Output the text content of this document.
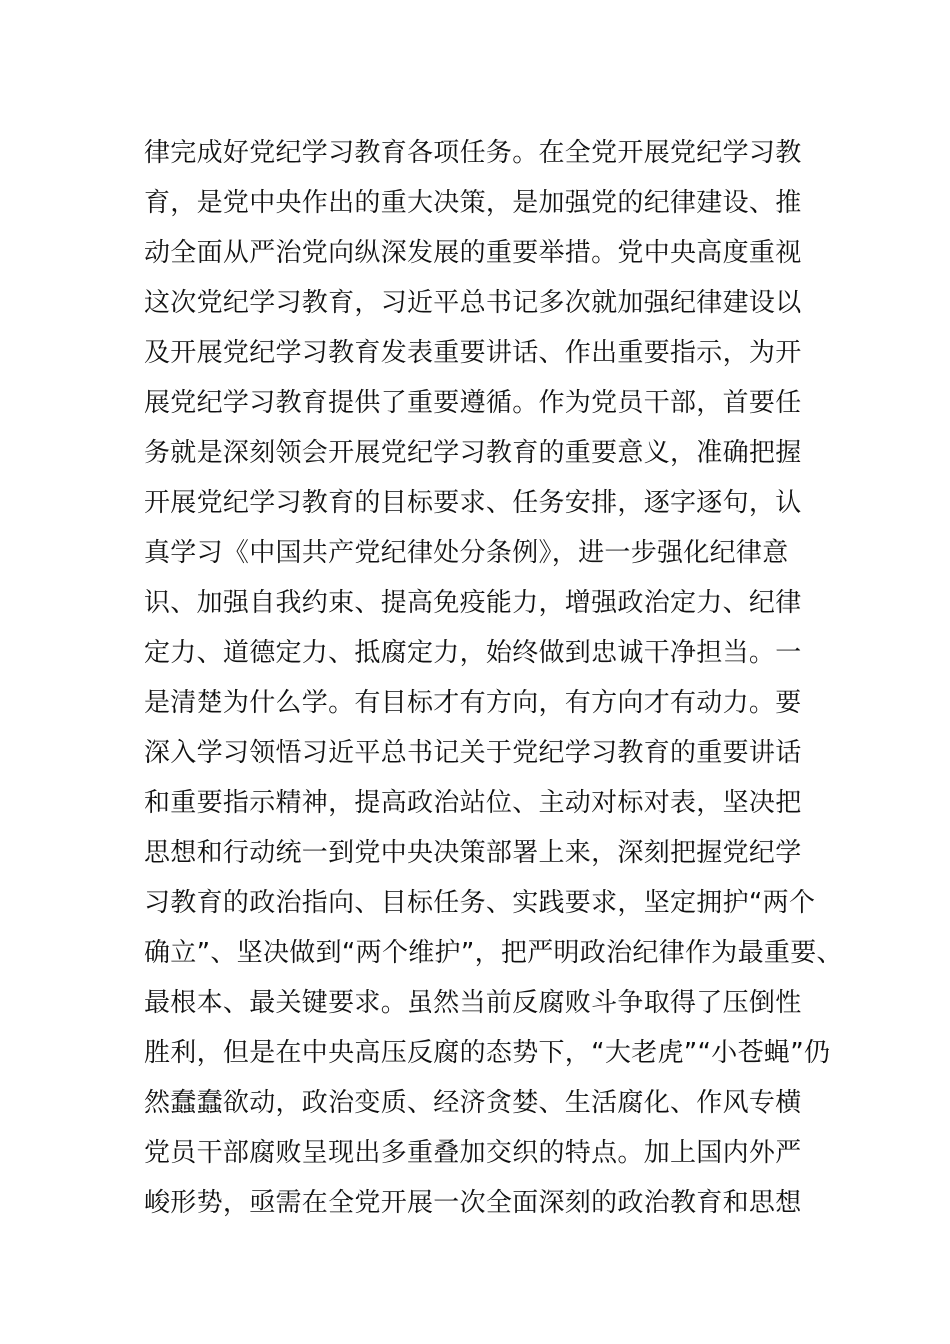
律完成好党纪学习教育各项任务。在全党开展党纪学习教
育，是党中央作出的重大决策，是加强党的纪律建设、推
动全面从严治党向纵深发展的重要举措。党中央高度重视
这次党纪学习教育，习近平总书记多次就加强纪律建设以
及开展党纪学习教育发表重要讲话、作出重要指示，为开
展党纪学习教育提供了重要遵循。作为党员干部，首要任
务就是深刻领会开展党纪学习教育的重要意义，准确把握
开展党纪学习教育的目标要求、任务安排，逐字逐句，认
真学习《中国共产党纪律处分条例》，进一步强化纪律意
识、加强自我约束、提高免疫能力，增强政治定力、纪律
定力、道德定力、抵腐定力，始终做到忠诚干净担当。一
是清楚为什么学。有目标才有方向，有方向才有动力。要
深入学习领悟习近平总书记关于党纪学习教育的重要讲话
和重要指示精神，提高政治站位、主动对标对表，坚决把
思想和行动统一到党中央决策部署上来，深刻把握党纪学
习教育的政治指向、目标任务、实践要求，坚定拥护“两个
确立”、坚决做到“两个维护”，把严明政治纪律作为最重要、
最根本、最关键要求。虽然当前反腐败斗争取得了压倒性
胜利，但是在中央高压反腐的态势下，“大老虎”“小苍蝇”仍
然蠢蠢欲动，政治变质、经济贪婪、生活腐化、作风专横
党员干部腐败呈现出多重叠加交织的特点。加上国内外严
峻形势，亟需在全党开展一次全面深刻的政治教育和思想
